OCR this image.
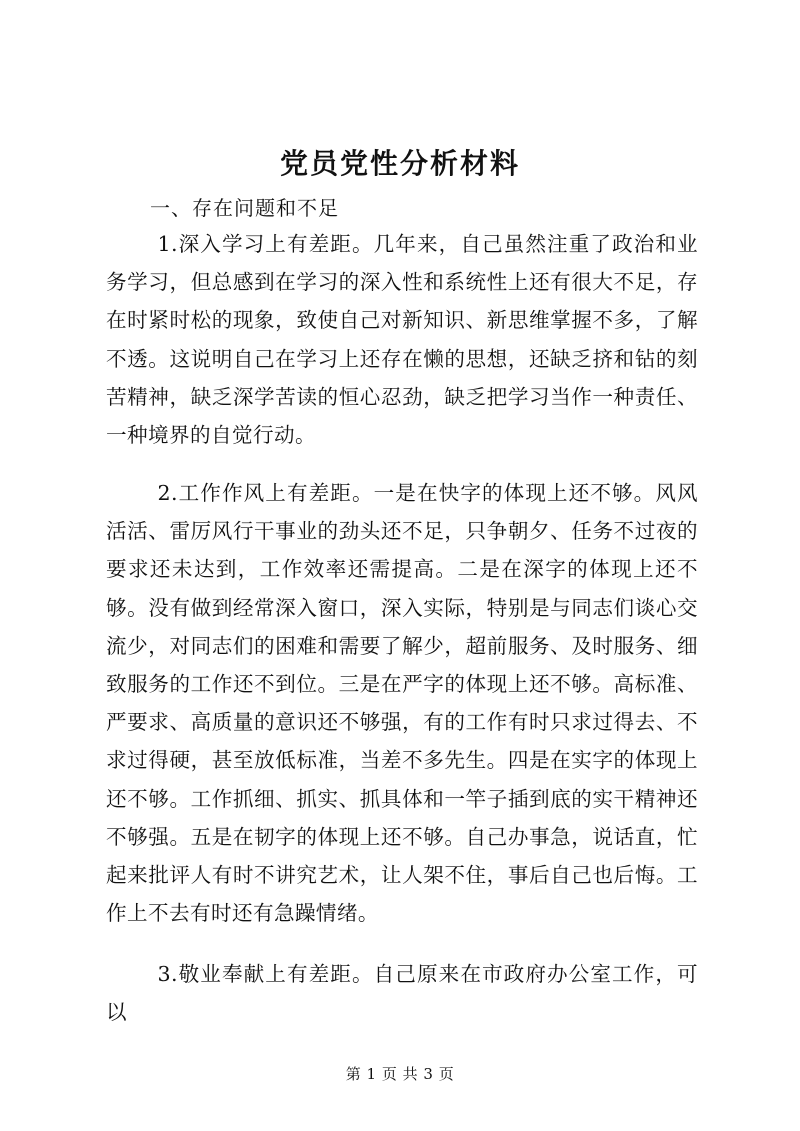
党员党性分析材料
一、存在问题和不足

1.深入学习上有差距。几年来，自己虽然注重了政治和业务学习，但总感到在学习的深入性和系统性上还有很大不足，存在时紧时松的现象，致使自己对新知识、新思维掌握不多，了解不透。这说明自己在学习上还存在懒的思想，还缺乏挤和钻的刻苦精神，缺乏深学苦读的恒心忍劲，缺乏把学习当作一种责任、一种境界的自觉行动。

2.工作作风上有差距。一是在快字的体现上还不够。风风活活、雷厉风行干事业的劲头还不足，只争朝夕、任务不过夜的要求还未达到，工作效率还需提高。二是在深字的体现上还不够。没有做到经常深入窗口，深入实际，特别是与同志们谈心交流少，对同志们的困难和需要了解少，超前服务、及时服务、细致服务的工作还不到位。三是在严字的体现上还不够。高标准、严要求、高质量的意识还不够强，有的工作有时只求过得去、不求过得硬，甚至放低标准，当差不多先生。四是在实字的体现上还不够。工作抓细、抓实、抓具体和一竿子插到底的实干精神还不够强。五是在韧字的体现上还不够。自己办事急，说话直，忙起来批评人有时不讲究艺术，让人架不住，事后自己也后悔。工作上不去有时还有急躁情绪。

3.敬业奉献上有差距。自己原来在市政府办公室工作，可以

第 1 页 共 3 页
